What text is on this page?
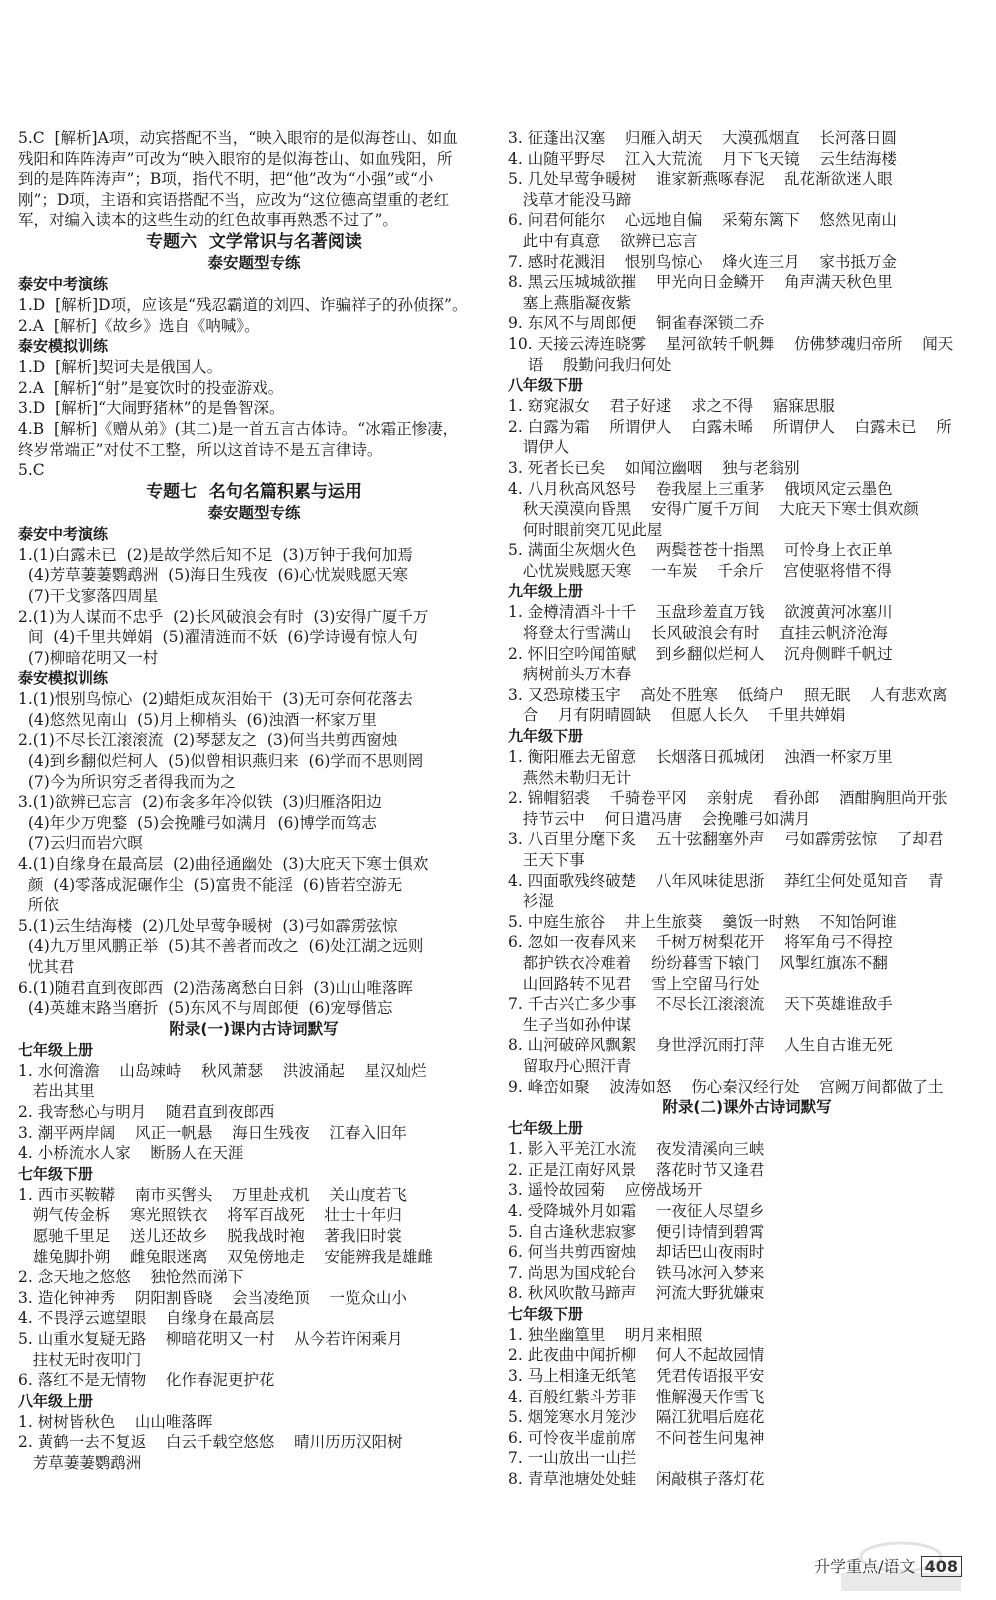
5.C  [解析]A项，动宾搭配不当，“映入眼帘的是似海苍山、如血
残阳和阵阵涛声”可改为“映入眼帘的是似海苍山、如血残阳，所
到的是阵阵涛声”；B项，指代不明，把“他”改为“小强”或“小
刚”；D项，主语和宾语搭配不当，应改为“这位德高望重的老红
军，对编入读本的这些生动的红色故事再熟悉不过了”。
专题六  文学常识与名著阅读
泰安题型专练
泰安中考演练
1.D  [解析]D项，应该是“残忍霸道的刘四、诈骗祥子的孙侦探”。
2.A  [解析]《故乡》选自《呐喊》。
泰安模拟训练
1.D  [解析]契诃夫是俄国人。
2.A  [解析]“射”是宴饮时的投壶游戏。
3.D  [解析]“大闹野猪林”的是鲁智深。
4.B  [解析]《赠从弟》(其二)是一首五言古体诗。“冰霜正惨凄，
终岁常端正”对仗不工整，所以这首诗不是五言律诗。
5.C
专题七  名句名篇积累与运用
泰安题型专练
泰安中考演练
1.(1)白露未已  (2)是故学然后知不足  (3)万钟于我何加焉
(4)芳草萋萋鹦鹉洲  (5)海日生残夜  (6)心忧炭贱愿天寒
(7)干戈寥落四周星
2.(1)为人谋而不忠乎  (2)长风破浪会有时  (3)安得广厦千万
间  (4)千里共婵娟  (5)濯清涟而不妖  (6)学诗谩有惊人句
(7)柳暗花明又一村
泰安模拟训练
1.(1)恨别鸟惊心  (2)蜡炬成灰泪始干  (3)无可奈何花落去
(4)悠然见南山  (5)月上柳梢头  (6)浊酒一杯家万里
2.(1)不尽长江滚滚流  (2)琴瑟友之  (3)何当共剪西窗烛
(4)到乡翻似烂柯人  (5)似曾相识燕归来  (6)学而不思则罔
(7)今为所识穷乏者得我而为之
3.(1)欲辨已忘言  (2)布衾多年冷似铁  (3)归雁洛阳边
(4)年少万兜鍪  (5)会挽雕弓如满月  (6)博学而笃志
(7)云归而岩穴暝
4.(1)自缘身在最高层  (2)曲径通幽处  (3)大庇天下寒士俱欢
颜  (4)零落成泥碾作尘  (5)富贵不能淫  (6)皆若空游无
所依
5.(1)云生结海楼  (2)几处早莺争暖树  (3)弓如霹雳弦惊
(4)九万里风鹏正举  (5)其不善者而改之  (6)处江湖之远则
忧其君
6.(1)随君直到夜郎西  (2)浩荡离愁白日斜  (3)山山唯落晖
(4)英雄末路当磨折  (5)东风不与周郎便  (6)宠辱偕忘
附录(一)课内古诗词默写
七年级上册
1. 水何澹澹    山岛竦峙    秋风萧瑟    洪波涌起    星汉灿烂
若出其里
2. 我寄愁心与明月    随君直到夜郎西
3. 潮平两岸阔    风正一帆悬    海日生残夜    江春入旧年
4. 小桥流水人家    断肠人在天涯
七年级下册
1. 西市买鞍鞯    南市买辔头    万里赴戎机    关山度若飞
朔气传金柝    寒光照铁衣    将军百战死    壮士十年归
愿驰千里足    送儿还故乡    脱我战时袍    著我旧时裳
雄兔脚扑朔    雌兔眼迷离    双兔傍地走    安能辨我是雄雌
2. 念天地之悠悠    独怆然而涕下
3. 造化钟神秀    阴阳割昏晓    会当凌绝顶    一览众山小
4. 不畏浮云遮望眼    自缘身在最高层
5. 山重水复疑无路    柳暗花明又一村    从今若许闲乘月
拄杖无时夜叩门
6. 落红不是无情物    化作春泥更护花
八年级上册
1. 树树皆秋色    山山唯落晖
2. 黄鹤一去不复返    白云千载空悠悠    晴川历历汉阳树
芳草萋萋鹦鹉洲
3. 征蓬出汉塞    归雁入胡天    大漠孤烟直    长河落日圆
4. 山随平野尽    江入大荒流    月下飞天镜    云生结海楼
5. 几处早莺争暖树    谁家新燕啄春泥    乱花渐欲迷人眼
浅草才能没马蹄
6. 问君何能尔    心远地自偏    采菊东篱下    悠然见南山
此中有真意    欲辨已忘言
7. 感时花溅泪    恨别鸟惊心    烽火连三月    家书抵万金
8. 黑云压城城欲摧    甲光向日金鳞开    角声满天秋色里
塞上燕脂凝夜紫
9. 东风不与周郎便    铜雀春深锁二乔
10. 天接云涛连晓雾    星河欲转千帆舞    仿佛梦魂归帝所    闻天
语    殷勤问我归何处
八年级下册
1. 窈窕淑女    君子好逑    求之不得    寤寐思服
2. 白露为霜    所谓伊人    白露未晞    所谓伊人    白露未已    所
谓伊人
3. 死者长已矣    如闻泣幽咽    独与老翁别
4. 八月秋高风怒号    卷我屋上三重茅    俄顷风定云墨色
秋天漠漠向昏黑    安得广厦千万间    大庇天下寒士俱欢颜
何时眼前突兀见此屋
5. 满面尘灰烟火色    两鬓苍苍十指黑    可怜身上衣正单
心忧炭贱愿天寒    一车炭    千余斤    宫使驱将惜不得
九年级上册
1. 金樽清酒斗十千    玉盘珍羞直万钱    欲渡黄河冰塞川
将登太行雪满山    长风破浪会有时    直挂云帆济沧海
2. 怀旧空吟闻笛赋    到乡翻似烂柯人    沉舟侧畔千帆过
病树前头万木春
3. 又恐琼楼玉宇    高处不胜寒    低绮户    照无眠    人有悲欢离
合    月有阴晴圆缺    但愿人长久    千里共婵娟
九年级下册
1. 衡阳雁去无留意    长烟落日孤城闭    浊酒一杯家万里
燕然未勒归无计
2. 锦帽貂裘    千骑卷平冈    亲射虎    看孙郎    酒酣胸胆尚开张
持节云中    何日遣冯唐    会挽雕弓如满月
3. 八百里分麾下炙    五十弦翻塞外声    弓如霹雳弦惊    了却君
王天下事
4. 四面歌残终破楚    八年风味徒思浙    莽红尘何处觅知音    青
衫湿
5. 中庭生旅谷    井上生旅葵    羹饭一时熟    不知饴阿谁
6. 忽如一夜春风来    千树万树梨花开    将军角弓不得控
都护铁衣冷难着    纷纷暮雪下辕门    风掣红旗冻不翻
山回路转不见君    雪上空留马行处
7. 千古兴亡多少事    不尽长江滚滚流    天下英雄谁敌手
生子当如孙仲谋
8. 山河破碎风飘絮    身世浮沉雨打萍    人生自古谁无死
留取丹心照汗青
9. 峰峦如聚    波涛如怒    伤心秦汉经行处    宫阙万间都做了土
附录(二)课外古诗词默写
七年级上册
1. 影入平羌江水流    夜发清溪向三峡
2. 正是江南好风景    落花时节又逢君
3. 遥怜故园菊    应傍战场开
4. 受降城外月如霜    一夜征人尽望乡
5. 自古逢秋悲寂寥    便引诗情到碧霄
6. 何当共剪西窗烛    却话巴山夜雨时
7. 尚思为国戍轮台    铁马冰河入梦来
8. 秋风吹散马蹄声    河流大野犹嫌束
七年级下册
1. 独坐幽篁里    明月来相照
2. 此夜曲中闻折柳    何人不起故园情
3. 马上相逢无纸笔    凭君传语报平安
4. 百般红紫斗芳菲    惟解漫天作雪飞
5. 烟笼寒水月笼沙    隔江犹唱后庭花
6. 可怜夜半虚前席    不问苍生问鬼神
7. 一山放出一山拦
8. 青草池塘处处蛙    闲敲棋子落灯花
升学重点/语文 408
